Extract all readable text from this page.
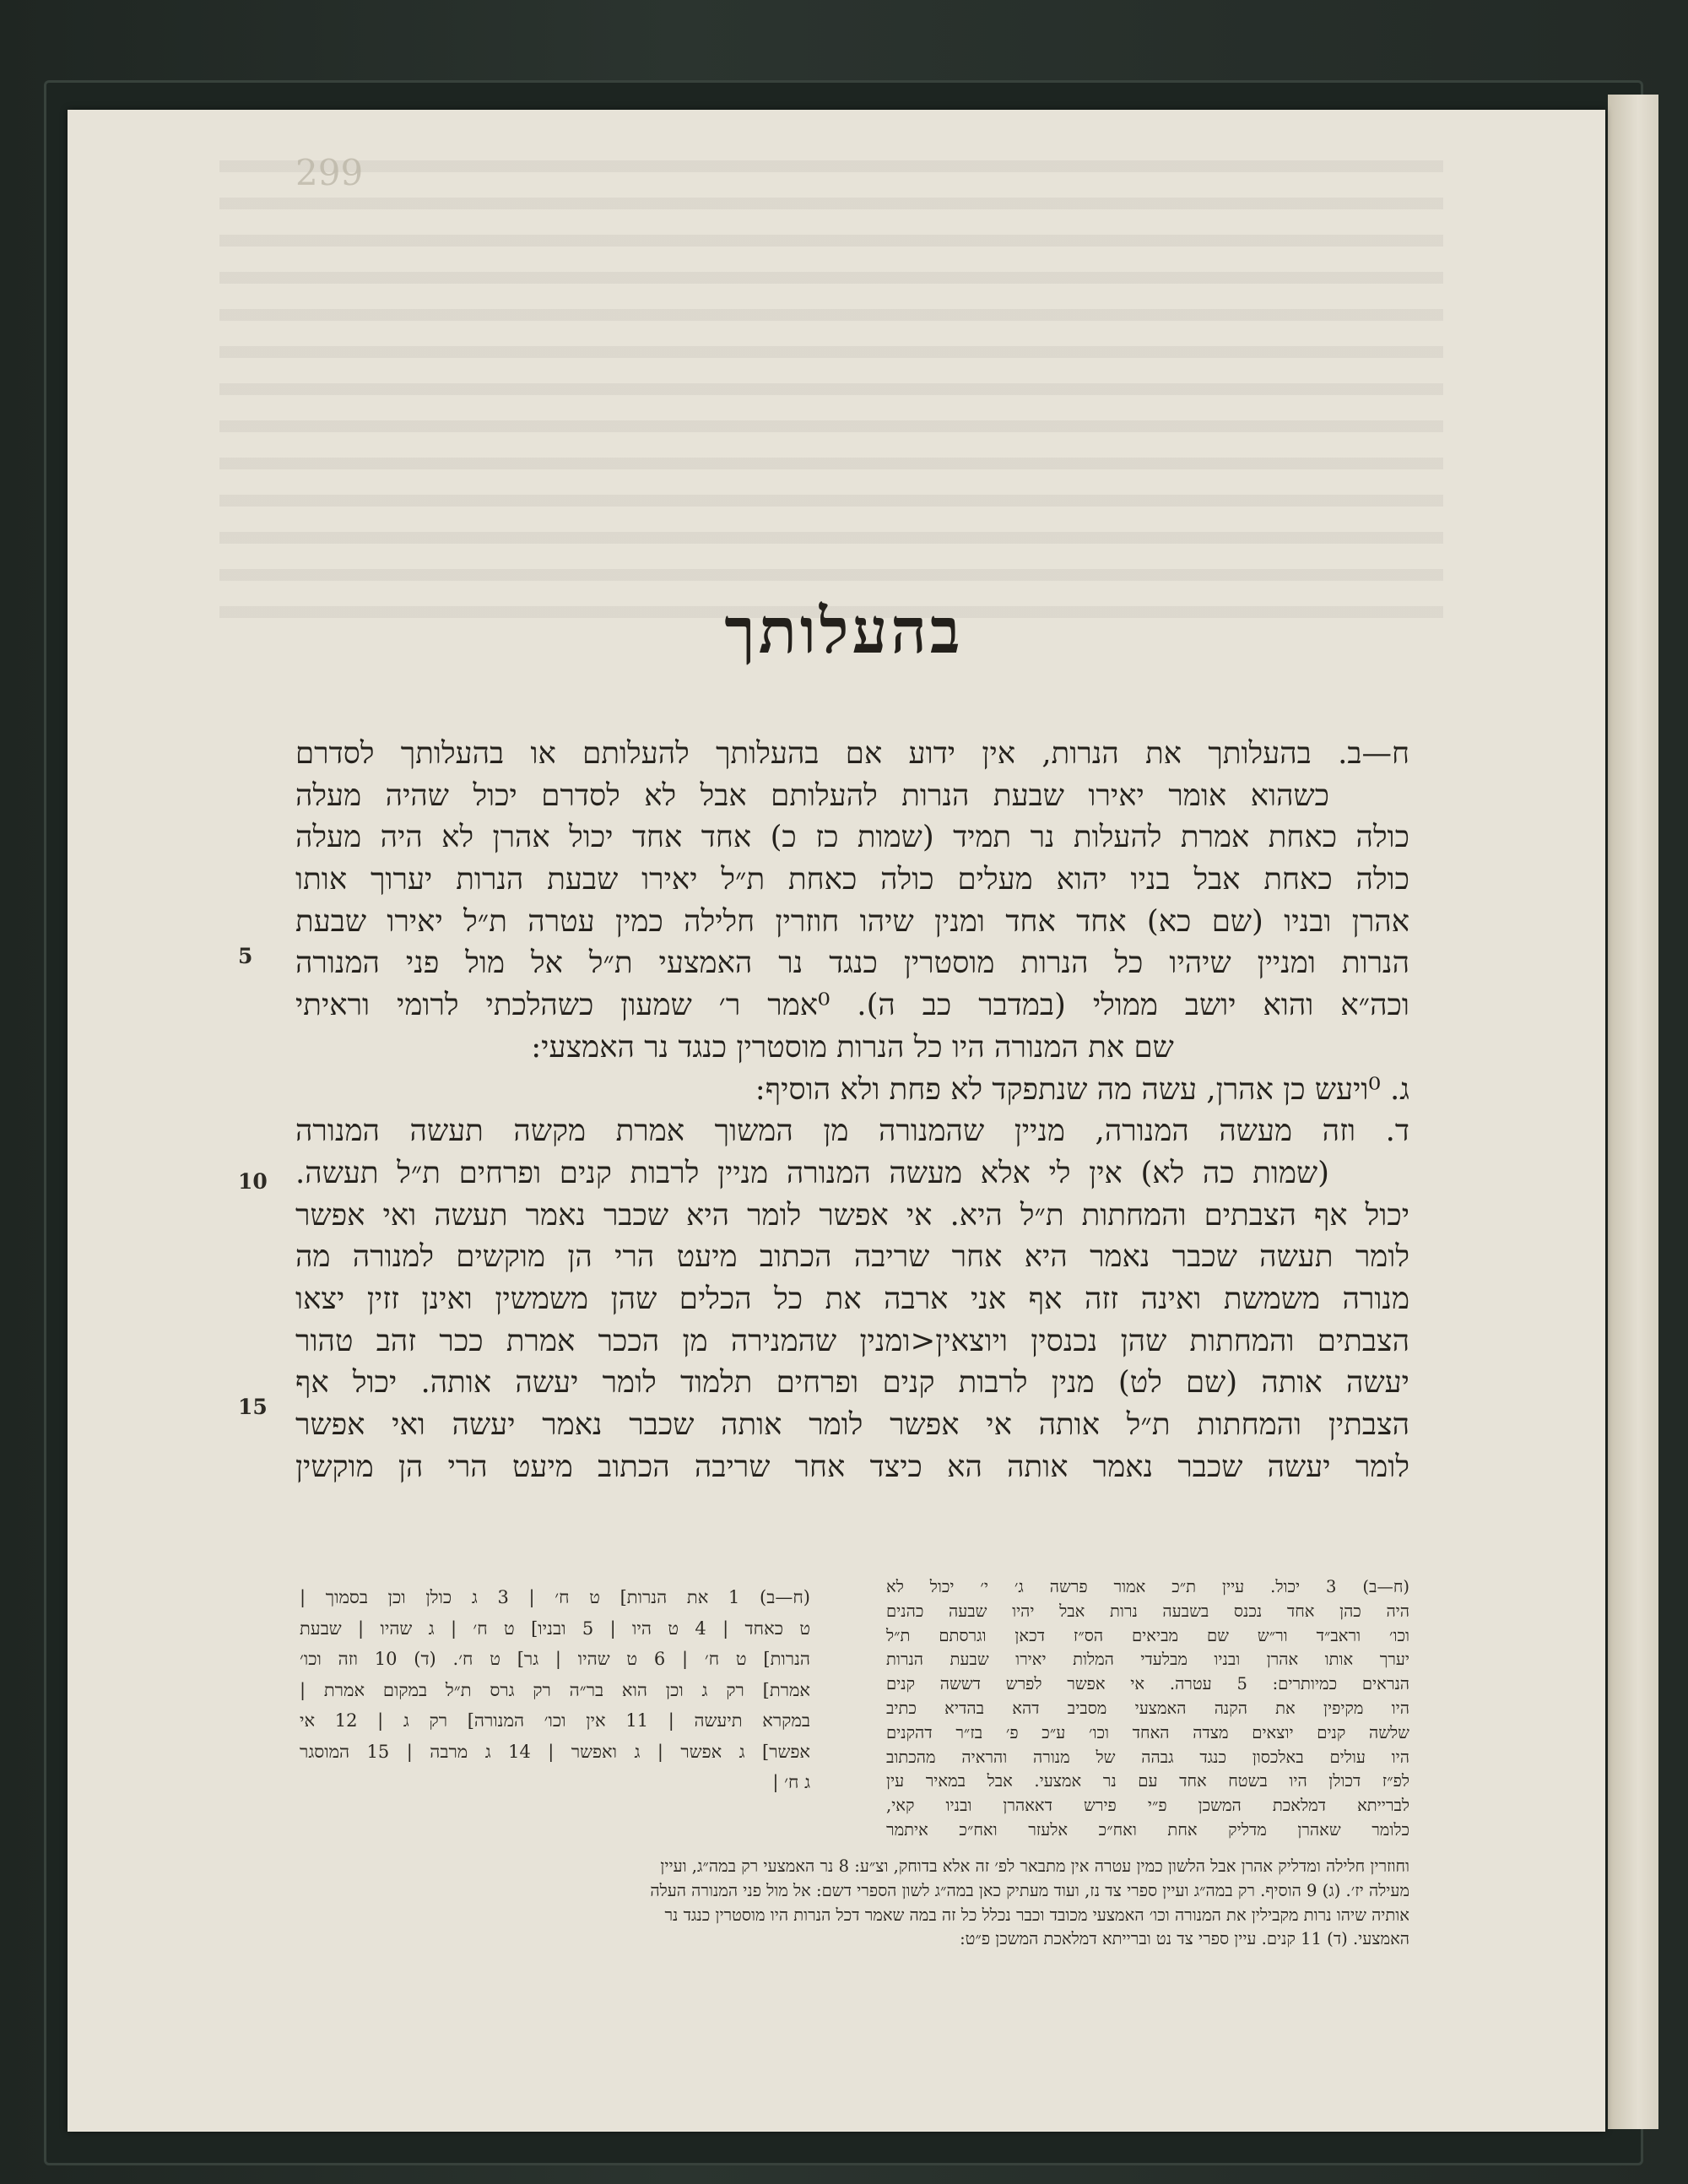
299
בהעלותך
ח—ב. בהעלותך את הנרות, אין ידוע אם בהעלותך להעלותם או בהעלותך לסדרם
כשהוא אומר יאירו שבעת הנרות להעלותם אבל לא לסדרם יכול שהיה מעלה
כולה כאחת אמרת להעלות נר תמיד (שמות כז כ) אחד אחד יכול אהרן לא היה מעלה
כולה כאחת אבל בניו יהוא מעלים כולה כאחת ת״ל יאירו שבעת הנרות יערוך אותו
אהרן ובניו (שם כא) אחד אחד ומנין שיהו חוזרין חלילה כמין עטרה ת״ל יאירו שבעת
הנרות ומניין שיהיו כל הנרות מוסטרין כנגד נר האמצעי ת״ל אל מול פני המנורה
וכה״א והוא יושב ממולי (במדבר כב ה). ⁰אמר ר׳ שמעון כשהלכתי לרומי וראיתי
שם את המנורה היו כל הנרות מוסטרין כנגד נר האמצעי:
ג. ⁰ויעש כן אהרן, עשה מה שנתפקד לא פחת ולא הוסיף:
ד. וזה מעשה המנורה, מניין שהמנורה מן המשוך אמרת מקשה תעשה המנורה
(שמות כה לא) אין לי אלא מעשה המנורה מניין לרבות קנים ופרחים ת״ל תעשה.
יכול אף הצבתים והמחתות ת״ל היא. אי אפשר לומר היא שכבר נאמר תעשה ואי אפשר
לומר תעשה שכבר נאמר היא אחר שריבה הכתוב מיעט הרי הן מוקשים למנורה מה
מנורה משמשת ואינה זזה אף אני ארבה את כל הכלים שהן משמשין ואינן זזין יצאו
הצבתים והמחתות שהן נכנסין ויוצאין<ומנין שהמנירה מן הככר אמרת ככר זהב טהור
יעשה אותה (שם לט) מנין לרבות קנים ופרחים תלמוד לומר יעשה אותה. יכול אף
הצבתין והמחתות ת״ל אותה אי אפשר לומר אותה שכבר נאמר יעשה ואי אפשר
לומר יעשה שכבר נאמר אותה הא כיצד אחר שריבה הכתוב מיעט הרי הן מוקשין
5
10
15
(ח—ב) 1 את הנרות] ט ח׳ | 3 ג כולן וכן בסמוך |
ט כאחד | 4 ט היו | 5 ובניו] ט ח׳ | ג שהיו | שבעת
הנרות] ט ח׳ | 6 ט שהיו | גר] ט ח׳. (ד) 10 וזה וכו׳
אמרת] רק ג וכן הוא בר״ה רק גרס ת״ל במקום אמרת |
במקרא תיעשה | 11 אין וכו׳ המנורה] רק ג | 12 אי
אפשר] ג אפשר | ג ואפשר | 14 ג מרבה | 15 המוסגר
ג ח׳ |
(ח—ב) 3 יכול. עיין ת״כ אמור פרשה ג׳ י׳ יכול לא
היה כהן אחד נכנס בשבעה נרות אבל יהיו שבעה כהנים
וכו׳ וראב״ד ור״ש שם מביאים הס״ז דכאן וגרסתם ת״ל
יערך אותו אהרן ובניו מבלעדי המלות יאירו שבעת הנרות
הנראים כמיותרים: 5 עטרה. אי אפשר לפרש דששה קנים
היו מקיפין את הקנה האמצעי מסביב דהא בהדיא כתיב
שלשה קנים יוצאים מצדה האחד וכו׳ ע״כ פ׳ בז״ר דהקנים
היו עולים באלכסון כנגד גבהה של מנורה והראיה מהכתוב
לפ״ז דכולן היו בשטח אחד עם נר אמצעי. אבל במאיר עין
לברייתא דמלאכת המשכן פ״י פירש דאאהרן ובניו קאי,
כלומר שאהרן מדליק אחת ואח״כ אלעזר ואח״כ איתמר
וחוזרין חלילה ומדליק אהרן אבל הלשון כמין עטרה אין מתבאר לפ׳ זה אלא בדוחק, וצ״ע: 8 נר האמצעי רק במה״ג, ועיין
מעילה יז׳. (ג) 9 הוסיף. רק במה״ג ועיין ספרי צד נז, ועוד מעתיק כאן במה״ג לשון הספרי דשם: אל מול פני המנורה העלה
אותיה שיהו נרות מקבילין את המנורה וכו׳ האמצעי מכובד וכבר נכלל כל זה במה שאמר דכל הנרות היו מוסטרין כנגד נר
האמצעי. (ד) 11 קנים. עיין ספרי צד נט וברייתא דמלאכת המשכן פ״ט:
